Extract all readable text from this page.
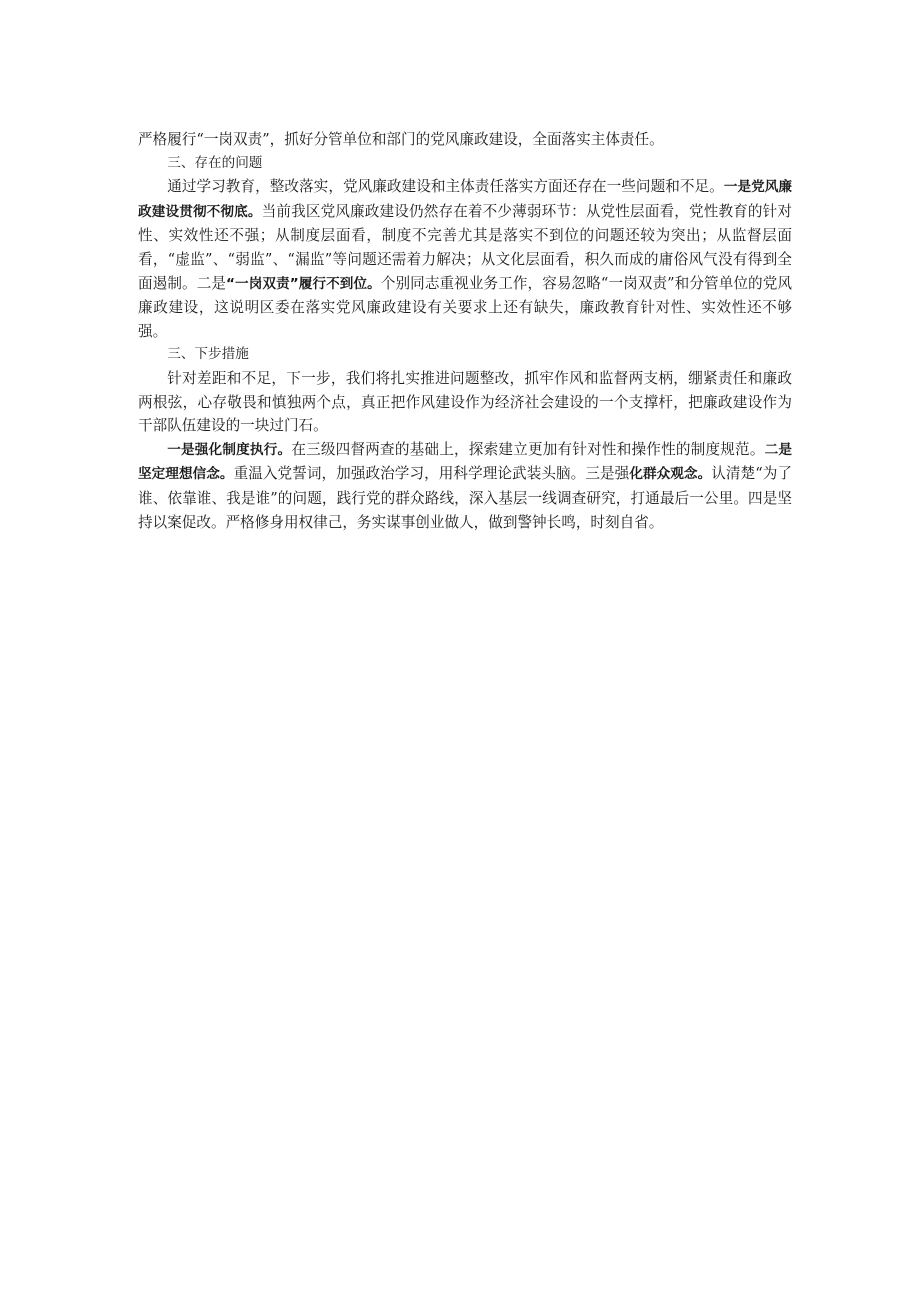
严格履行“一岗双责”，抓好分管单位和部门的党风廉政建设，全面落实主体责任。

三、存在的问题

通过学习教育，整改落实，党风廉政建设和主体责任落实方面还存在一些问题和不足。一是党风廉政建设贯彻不彻底。当前我区党风廉政建设仍然存在着不少薄弱环节：从党性层面看，党性教育的针对性、实效性还不强；从制度层面看，制度不完善尤其是落实不到位的问题还较为突出；从监督层面看，“虚监”、“弱监”、“漏监”等问题还需着力解决；从文化层面看，积久而成的庸俗风气没有得到全面遏制。二是“一岗双责”履行不到位。个别同志重视业务工作，容易忽略“一岗双责”和分管单位的党风廉政建设，这说明区委在落实党风廉政建设有关要求上还有缺失，廉政教育针对性、实效性还不够强。

三、下步措施

针对差距和不足，下一步，我们将扎实推进问题整改，抓牢作风和监督两支柄，绷紧责任和廉政两根弦，心存敬畏和慎独两个点，真正把作风建设作为经济社会建设的一个支撑杆，把廉政建设作为干部队伍建设的一块过门石。

一是强化制度执行。在三级四督两查的基础上，探索建立更加有针对性和操作性的制度规范。二是坚定理想信念。重温入党誓词，加强政治学习，用科学理论武装头脑。三是强化群众观念。认清楚“为了谁、依靠谁、我是谁”的问题，践行党的群众路线，深入基层一线调查研究，打通最后一公里。四是坚持以案促改。严格修身用权律己，务实谋事创业做人，做到警钟长鸣，时刻自省。
